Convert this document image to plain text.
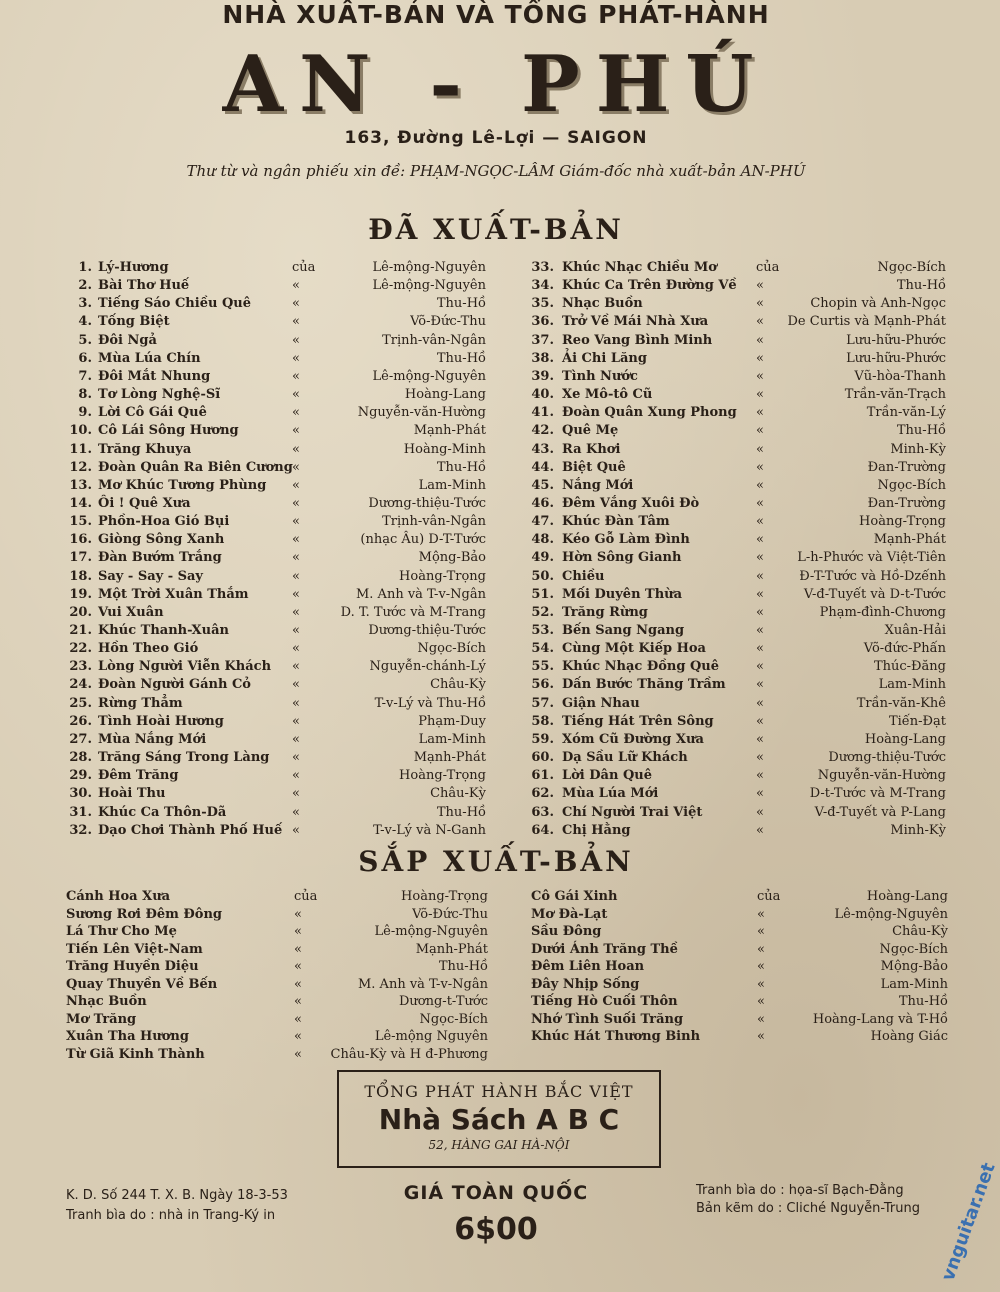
NHÀ XUẤT-BẢN VÀ TỔNG PHÁT-HÀNH
AN - PHÚ
163, Đường Lê-Lợi — SAIGON
Thư từ và ngân phiếu xin đề: PHẠM-NGỌC-LÂM Giám-đốc nhà xuất-bản AN-PHÚ
ĐÃ XUẤT-BẢN
1. Lý-Hương	của	Lê-mộng-Nguyên
2. Bài Thơ Huế	«	Lê-mộng-Nguyên
3. Tiếng Sáo Chiều Quê	«	Thu-Hồ
4. Tống Biệt	«	Võ-Đức-Thu
5. Đôi Ngả	«	Trịnh-vân-Ngân
6. Mùa Lúa Chín	«	Thu-Hồ
7. Đôi Mắt Nhung	«	Lê-mộng-Nguyên
8. Tơ Lòng Nghệ-Sĩ	«	Hoàng-Lang
9. Lời Cô Gái Quê	«	Nguyễn-văn-Hường
10. Cô Lái Sông Hương	«	Mạnh-Phát
11. Trăng Khuya	«	Hoàng-Minh
12. Đoàn Quân Ra Biên Cương «	Thu-Hồ
13. Mơ Khúc Tương Phùng «	Lam-Minh
14. Ôi ! Quê Xưa	«	Dương-thiệu-Tước
15. Phồn-Hoa Gió Bụi	«	Trịnh-vân-Ngân
16. Giòng Sông Xanh	«	(nhạc Âu) D-T-Tước
17. Đàn Bướm Trắng	«	Mộng-Bảo
18. Say - Say - Say	«	Hoàng-Trọng
19. Một Trời Xuân Thắm	«	M. Anh và T-v-Ngân
20. Vui Xuân	«	D. T. Tước và M-Trang
21. Khúc Thanh-Xuân	«	Dương-thiệu-Tước
22. Hồn Theo Gió	«	Ngọc-Bích
23. Lòng Người Viễn Khách «	Nguyễn-chánh-Lý
24. Đoàn Người Gánh Cỏ	«	Châu-Kỳ
25. Rừng Thẳm	«	T-v-Lý và Thu-Hồ
26. Tình Hoài Hương	«	Phạm-Duy
27. Mùa Nắng Mới	«	Lam-Minh
28. Trăng Sáng Trong Làng «	Mạnh-Phát
29. Đêm Trăng	«	Hoàng-Trọng
30. Hoài Thu	«	Châu-Kỳ
31. Khúc Ca Thôn-Dã	«	Thu-Hồ
32. Dạo Chơi Thành Phố Huế «	T-v-Lý và N-Ganh
33. Khúc Nhạc Chiều Mơ	của	Ngọc-Bích
34. Khúc Ca Trên Đường Về «	Thu-Hồ
35. Nhạc Buồn	«	Chopin và Anh-Ngọc
36. Trở Về Mái Nhà Xưa	« De Curtis và Mạnh-Phát
37. Reo Vang Bình Minh	«	Lưu-hữu-Phước
38. Ải Chi Lăng	«	Lưu-hữu-Phước
39. Tình Nước	«	Vũ-hòa-Thanh
40. Xe Mô-tô Cũ	«	Trần-văn-Trạch
41. Đoàn Quân Xung Phong «	Trần-văn-Lý
42. Quê Mẹ	«	Thu-Hồ
43. Ra Khơi	«	Minh-Kỳ
44. Biệt Quê	«	Đan-Trường
45. Nắng Mới	«	Ngọc-Bích
46. Đêm Vắng Xuôi Đò	«	Đan-Trường
47. Khúc Đàn Tâm	«	Hoàng-Trọng
48. Kéo Gỗ Làm Đình	«	Mạnh-Phát
49. Hờn Sông Gianh	«	L-h-Phước và Việt-Tiên
50. Chiều	«	Đ-T-Tước và Hồ-Dzếnh
51. Mối Duyên Thừa	«	V-đ-Tuyết và D-t-Tước
52. Trăng Rừng	«	Phạm-đình-Chương
53. Bến Sang Ngang	«	Xuân-Hải
54. Cùng Một Kiếp Hoa	«	Võ-đức-Phấn
55. Khúc Nhạc Đồng Quê	«	Thúc-Đăng
56. Dấn Bước Thăng Trầm «	Lam-Minh
57. Giận Nhau	«	Trần-văn-Khê
58. Tiếng Hát Trên Sông	«	Tiến-Đạt
59. Xóm Cũ Đường Xưa	«	Hoàng-Lang
60. Dạ Sầu Lữ Khách	«	Dương-thiệu-Tước
61. Lời Dân Quê	«	Nguyễn-văn-Hường
62. Mùa Lúa Mới	«	D-t-Tước và M-Trang
63. Chí Người Trai Việt	«	V-đ-Tuyết và P-Lang
64. Chị Hằng	«	Minh-Kỳ
SẮP XUẤT-BẢN
Cánh Hoa Xưa	của	Hoàng-Trọng
Sương Rơi Đêm Đông	«	Võ-Đức-Thu
Lá Thư Cho Mẹ	«	Lê-mộng-Nguyên
Tiến Lên Việt-Nam	«	Mạnh-Phát
Trăng Huyền Diệu	«	Thu-Hồ
Quay Thuyền Về Bến	«	M. Anh và T-v-Ngân
Nhạc Buồn	«	Dương-t-Tước
Mơ Trăng	«	Ngọc-Bích
Xuân Tha Hương	«	Lê-mộng Nguyên
Từ Giã Kinh Thành	« Châu-Kỳ và H đ-Phương
Cô Gái Xinh	của	Hoàng-Lang
Mơ Đà-Lạt	«	Lê-mộng-Nguyên
Sầu Đông	«	Châu-Kỳ
Dưới Ánh Trăng Thề	«	Ngọc-Bích
Đêm Liên Hoan	«	Mộng-Bảo
Đây Nhịp Sống	«	Lam-Minh
Tiếng Hò Cuối Thôn	«	Thu-Hồ
Nhớ Tình Suối Trăng	«	Hoàng-Lang và T-Hồ
Khúc Hát Thương Binh	«	Hoàng Giác
TỔNG PHÁT HÀNH BẮC VIỆT
Nhà Sách A B C
52, HÀNG GAI HÀ-NỘI
K. D. Số 244 T. X. B. Ngày 18-3-53
Tranh bìa do : nhà in Trang-Ký in
GIÁ TOÀN QUỐC
6$00
Tranh bìa do : họa-sĩ Bạch-Đằng
Bản kẽm do : Cliché Nguyễn-Trung vnguitar.net
